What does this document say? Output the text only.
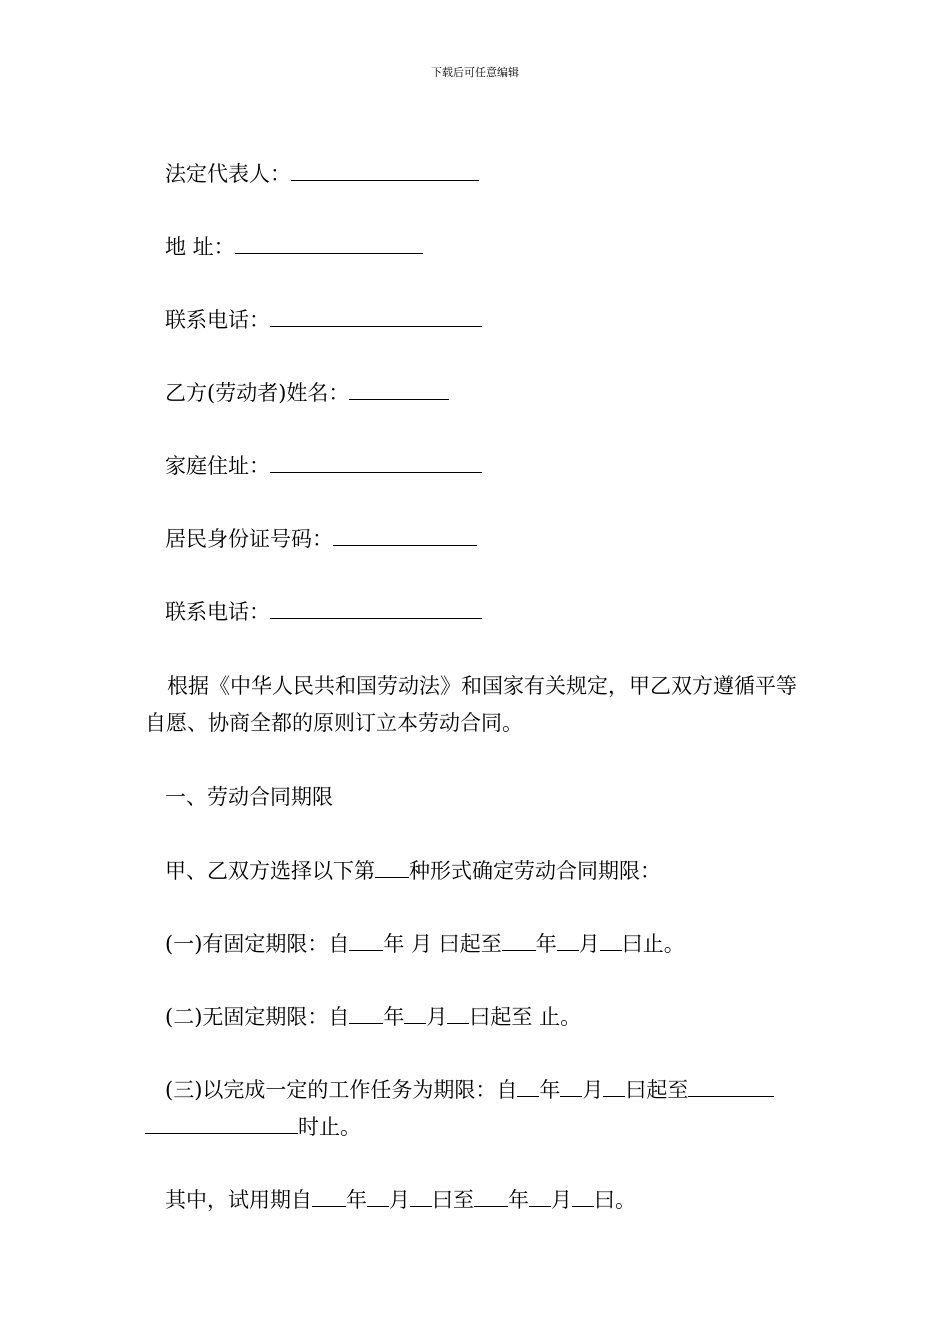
下载后可任意编辑
法定代表人：
地 址：
联系电话：
乙方(劳动者)姓名：
家庭住址：
居民身份证号码：
联系电话：
根据《中华人民共和国劳动法》和国家有关规定，甲乙双方遵循平等自愿、协商全都的原则订立本劳动合同。
一、劳动合同期限
甲、乙双方选择以下第 种形式确定劳动合同期限：
(一)有固定期限：自 年 月 曰起至 年 月 曰止。
(二)无固定期限：自 年 月 曰起至 止。
(三)以完成一定的工作任务为期限：自 年 月 曰起至
时止。
其中，试用期自 年 月 曰至 年 月 曰。
